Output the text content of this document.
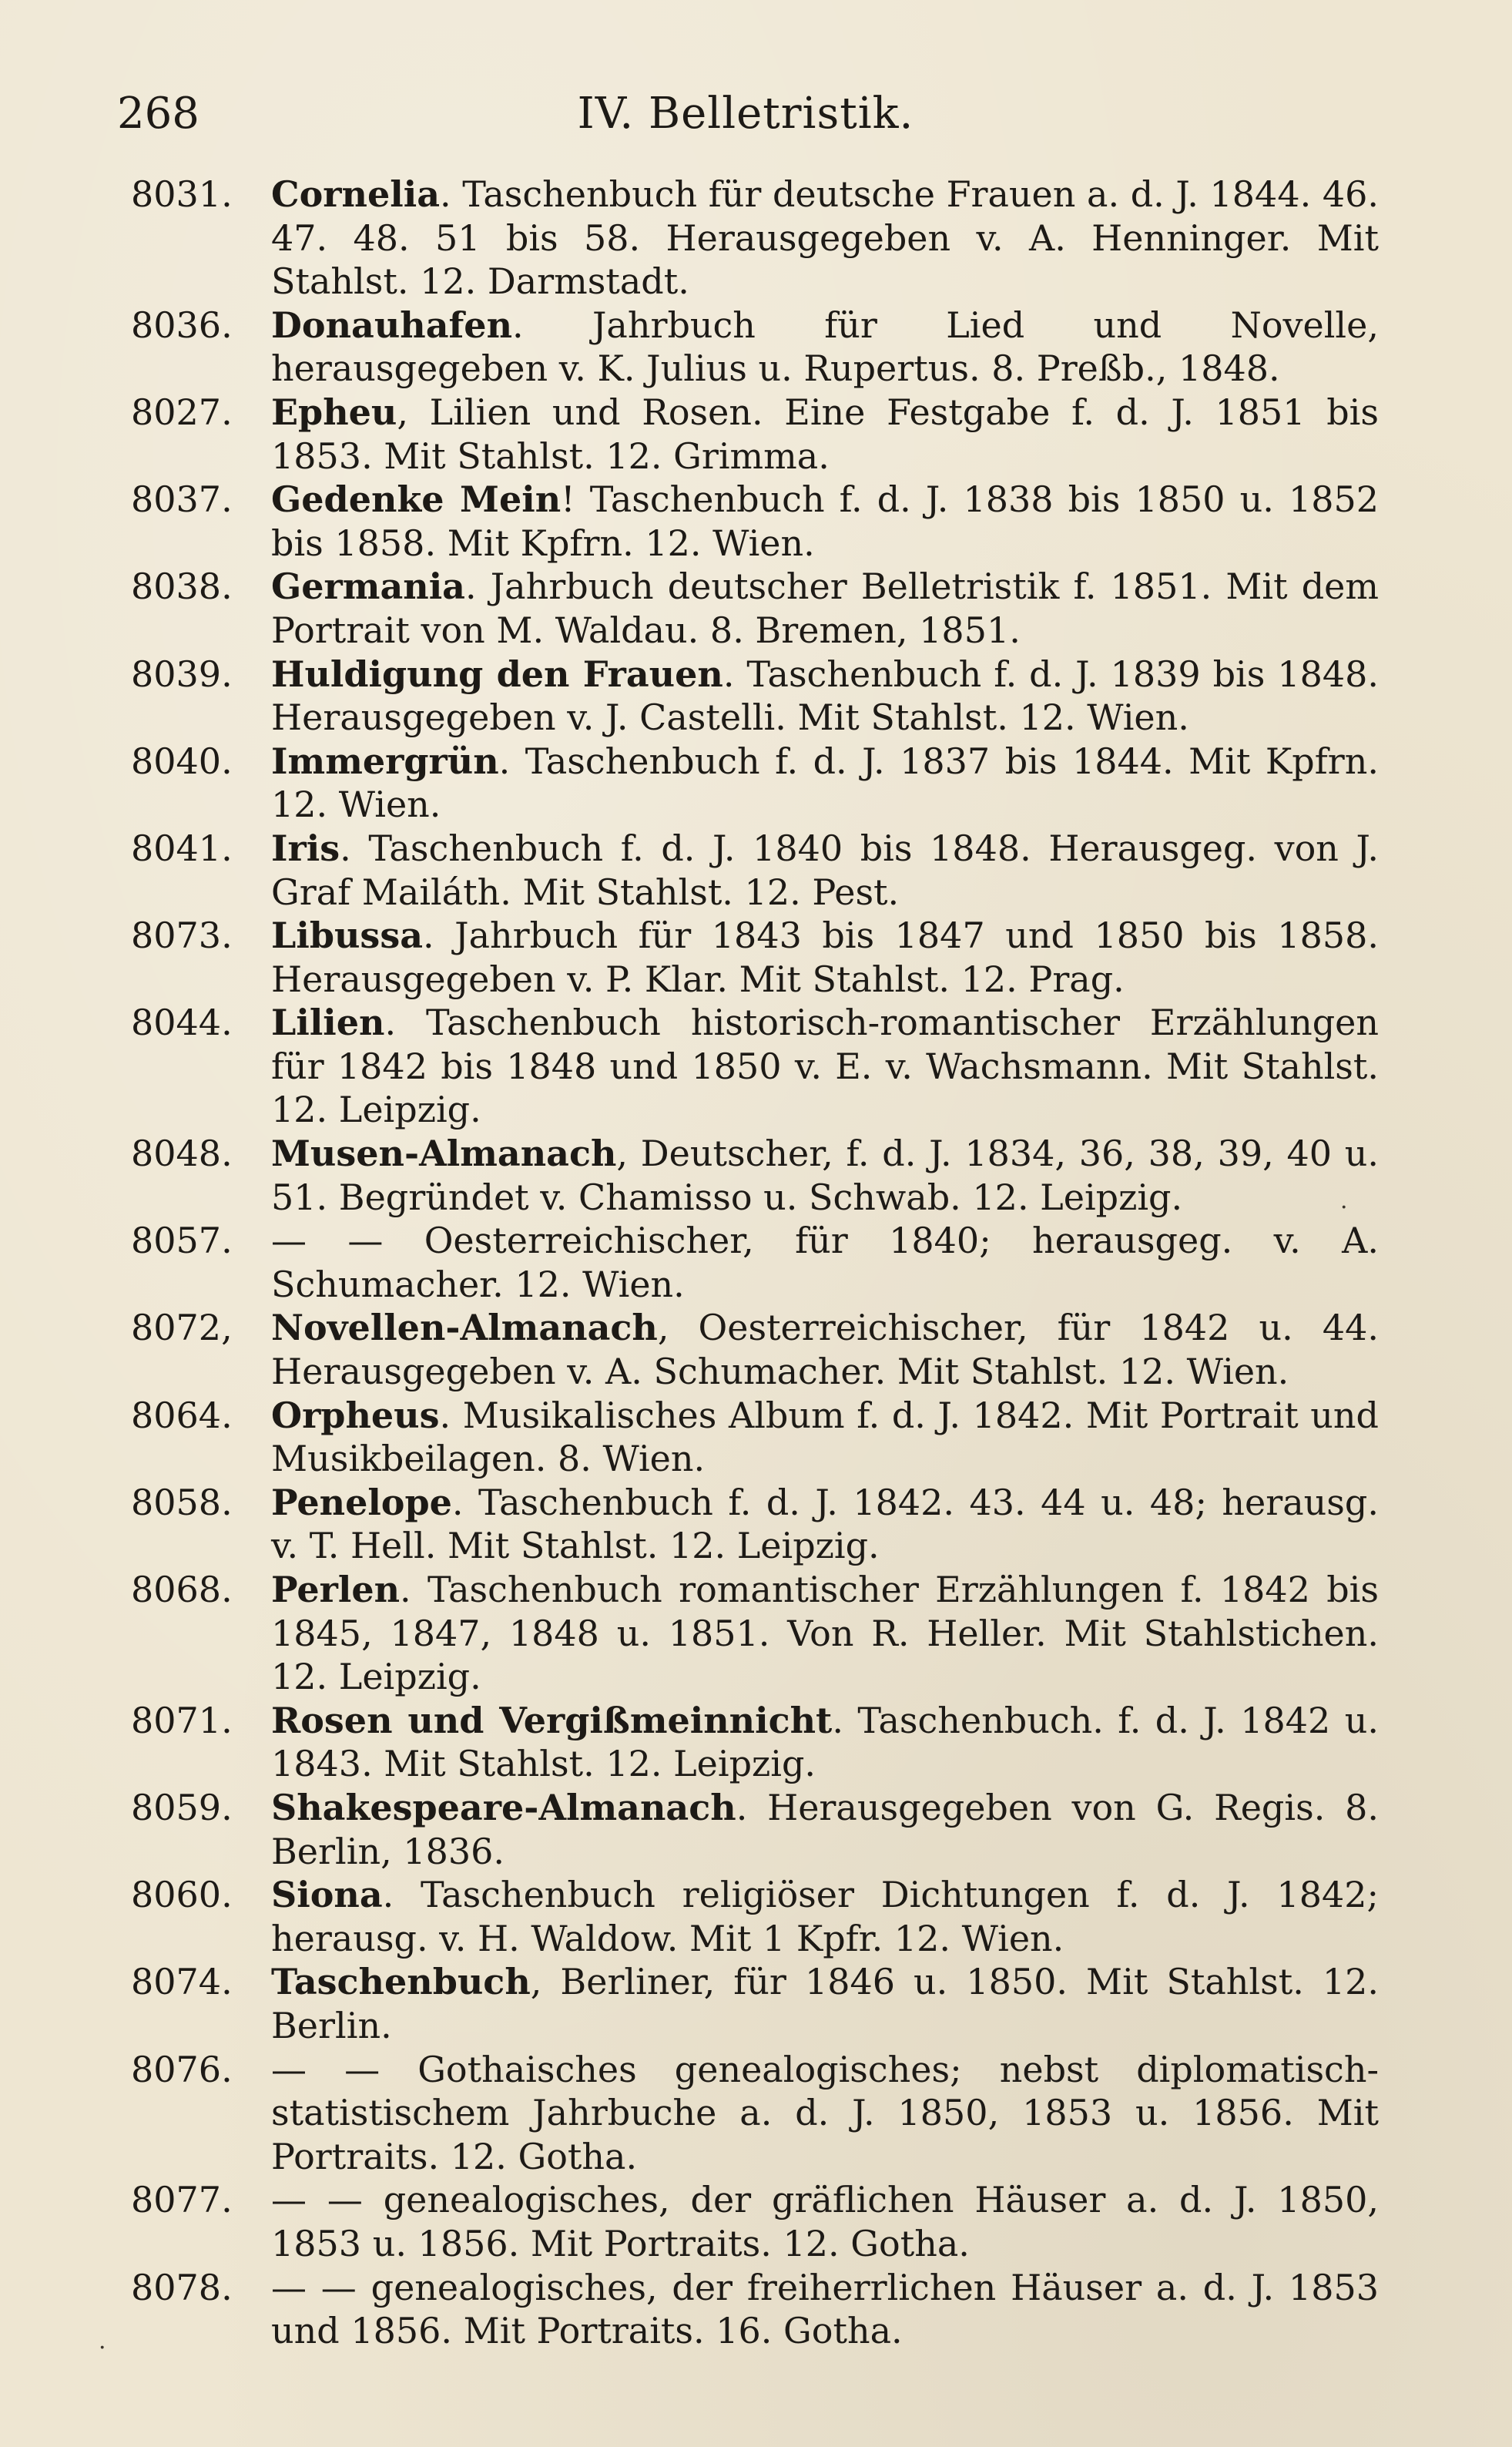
268	IV. Belletristik.
8031.	Cornelia. Taschenbuch für deutsche Frauen a. d. J. 1844. 46. 47. 48. 51 bis 58. Herausgegeben v. A. Henninger. Mit Stahlst. 12. Darmstadt.
8036.	Donauhafen. Jahrbuch für Lied und Novelle, herausgegeben v. K. Julius u. Rupertus. 8. Preßb., 1848.
8027.	Epheu, Lilien und Rosen. Eine Festgabe f. d. J. 1851 bis 1853. Mit Stahlst. 12. Grimma.
8037.	Gedenke Mein! Taschenbuch f. d. J. 1838 bis 1850 u. 1852 bis 1858. Mit Kpfrn. 12. Wien.
8038.	Germania. Jahrbuch deutscher Belletristik f. 1851. Mit dem Portrait von M. Waldau. 8. Bremen, 1851.
8039.	Huldigung den Frauen. Taschenbuch f. d. J. 1839 bis 1848. Herausgegeben v. J. Castelli. Mit Stahlst. 12. Wien.
8040.	Immergrün. Taschenbuch f. d. J. 1837 bis 1844. Mit Kpfrn. 12. Wien.
8041.	Iris. Taschenbuch f. d. J. 1840 bis 1848. Herausgeg. von J. Graf Mailáth. Mit Stahlst. 12. Pest.
8073.	Libussa. Jahrbuch für 1843 bis 1847 und 1850 bis 1858. Herausgegeben v. P. Klar. Mit Stahlst. 12. Prag.
8044.	Lilien. Taschenbuch historisch-romantischer Erzählungen für 1842 bis 1848 und 1850 v. E. v. Wachsmann. Mit Stahlst. 12. Leipzig.
8048.	Musen-Almanach, Deutscher, f. d. J. 1834, 36, 38, 39, 40 u. 51. Begründet v. Chamisso u. Schwab. 12. Leipzig.
8057.	— — Oesterreichischer, für 1840; herausgeg. v. A. Schumacher. 12. Wien.
8072,	Novellen-Almanach, Oesterreichischer, für 1842 u. 44. Herausgegeben v. A. Schumacher. Mit Stahlst. 12. Wien.
8064.	Orpheus. Musikalisches Album f. d. J. 1842. Mit Portrait und Musikbeilagen. 8. Wien.
8058.	Penelope. Taschenbuch f. d. J. 1842. 43. 44 u. 48; herausg. v. T. Hell. Mit Stahlst. 12. Leipzig.
8068.	Perlen. Taschenbuch romantischer Erzählungen f. 1842 bis 1845, 1847, 1848 u. 1851. Von R. Heller. Mit Stahlstichen. 12. Leipzig.
8071.	Rosen und Vergißmeinnicht. Taschenbuch. f. d. J. 1842 u. 1843. Mit Stahlst. 12. Leipzig.
8059.	Shakespeare-Almanach. Herausgegeben von G. Regis. 8. Berlin, 1836.
8060.	Siona. Taschenbuch religiöser Dichtungen f. d. J. 1842; herausg. v. H. Waldow. Mit 1 Kpfr. 12. Wien.
8074.	Taschenbuch, Berliner, für 1846 u. 1850. Mit Stahlst. 12. Berlin.
8076.	— — Gothaisches genealogisches; nebst diplomatisch-statistischem Jahrbuche a. d. J. 1850, 1853 u. 1856. Mit Portraits. 12. Gotha.
8077.	— — genealogisches, der gräflichen Häuser a. d. J. 1850, 1853 u. 1856. Mit Portraits. 12. Gotha.
8078.	— — genealogisches, der freiherrlichen Häuser a. d. J. 1853 und 1856. Mit Portraits. 16. Gotha.
·
·
